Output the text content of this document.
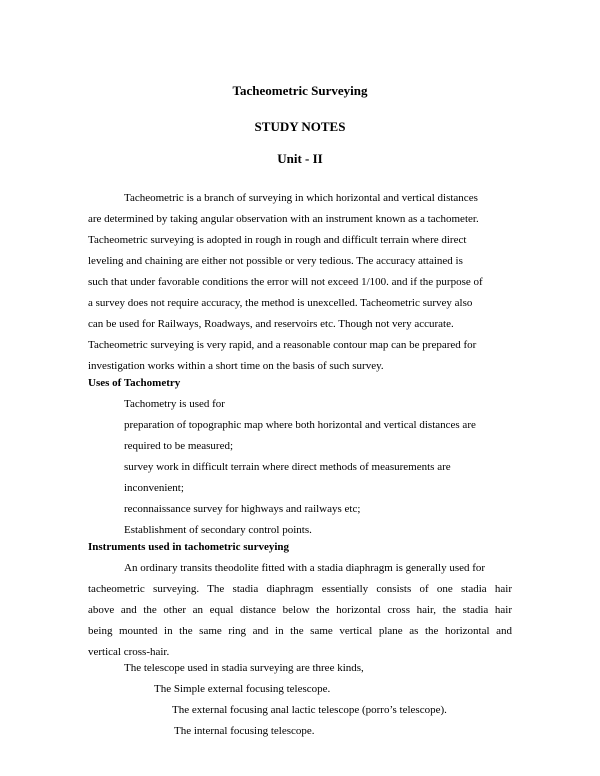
Tacheometric Surveying
STUDY NOTES
Unit - II
Tacheometric is a branch of surveying in which horizontal and vertical distances
are determined by taking angular observation with an instrument known as a tachometer.
Tacheometric surveying is adopted in rough in rough and difficult terrain where direct
leveling and chaining are either not possible or very tedious. The accuracy attained is
such that under favorable conditions the error will not exceed 1/100. and if the purpose of
a survey does not require accuracy, the method is unexcelled. Tacheometric survey also
can be used for Railways, Roadways, and reservoirs etc. Though not very accurate.
Tacheometric surveying is very rapid, and a reasonable contour map can be prepared for
investigation works within a short time on the basis of such survey.
Uses of Tachometry
Tachometry is used for
preparation of topographic map where both horizontal and vertical distances are
required to be measured;
survey work in difficult terrain where direct methods of measurements are
inconvenient;
reconnaissance survey for highways and railways etc;
Establishment of secondary control points.
Instruments used in tachometric surveying
An ordinary transits theodolite fitted with a stadia diaphragm is generally used for
tacheometric surveying. The stadia diaphragm essentially consists of one stadia hair
above and the other an equal distance below the horizontal cross hair, the stadia hair
being mounted in the same ring and in the same vertical plane as the horizontal and
vertical cross-hair.
The telescope used in stadia surveying are three kinds,
The Simple external focusing telescope.
The external focusing anal lactic telescope (porro’s telescope).
The internal focusing telescope.
